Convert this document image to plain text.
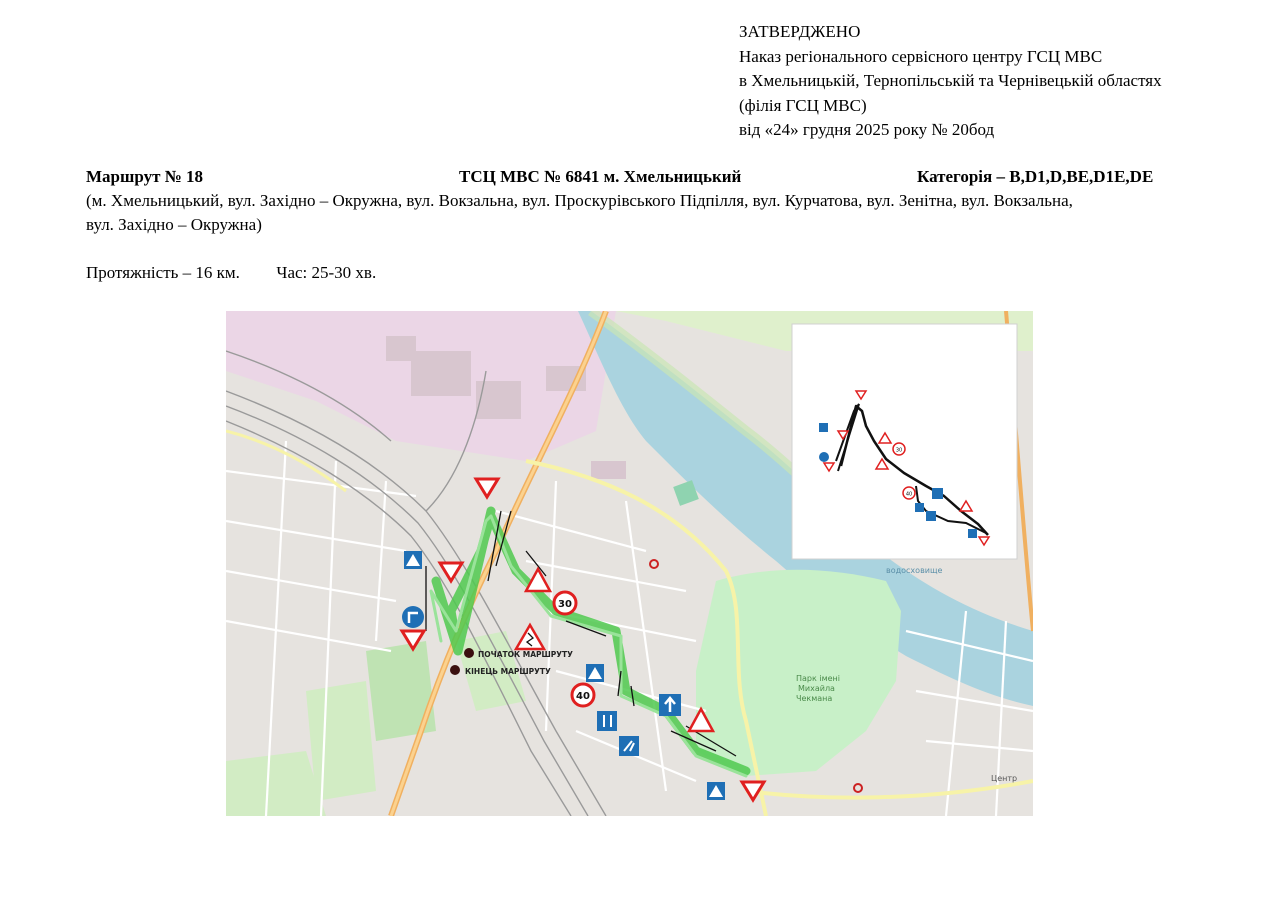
ЗАТВЕРДЖЕНО
Наказ регіонального сервісного центру ГСЦ МВС
в Хмельницькій, Тернопільській та Чернівецькій областях
(філія ГСЦ МВС)
від «24» грудня 2025 року № 20бод
Маршрут № 18	ТСЦ МВС № 6841 м. Хмельницький	Категорія – B,D1,D,BE,D1E,DE
(м. Хмельницький, вул. Західно – Окружна, вул. Вокзальна, вул. Проскурівського Підпілля, вул. Курчатова, вул. Зенітна, вул. Вокзальна,
вул. Західно – Окружна)
Протяжність – 16 км. Час: 25-30 хв.
водосховище
Парк імені
Михайла
Чекмана
ПОЧАТОК МАРШРУТУ
КІНЕЦЬ МАРШРУТУ
30
40
Центр
30
40
